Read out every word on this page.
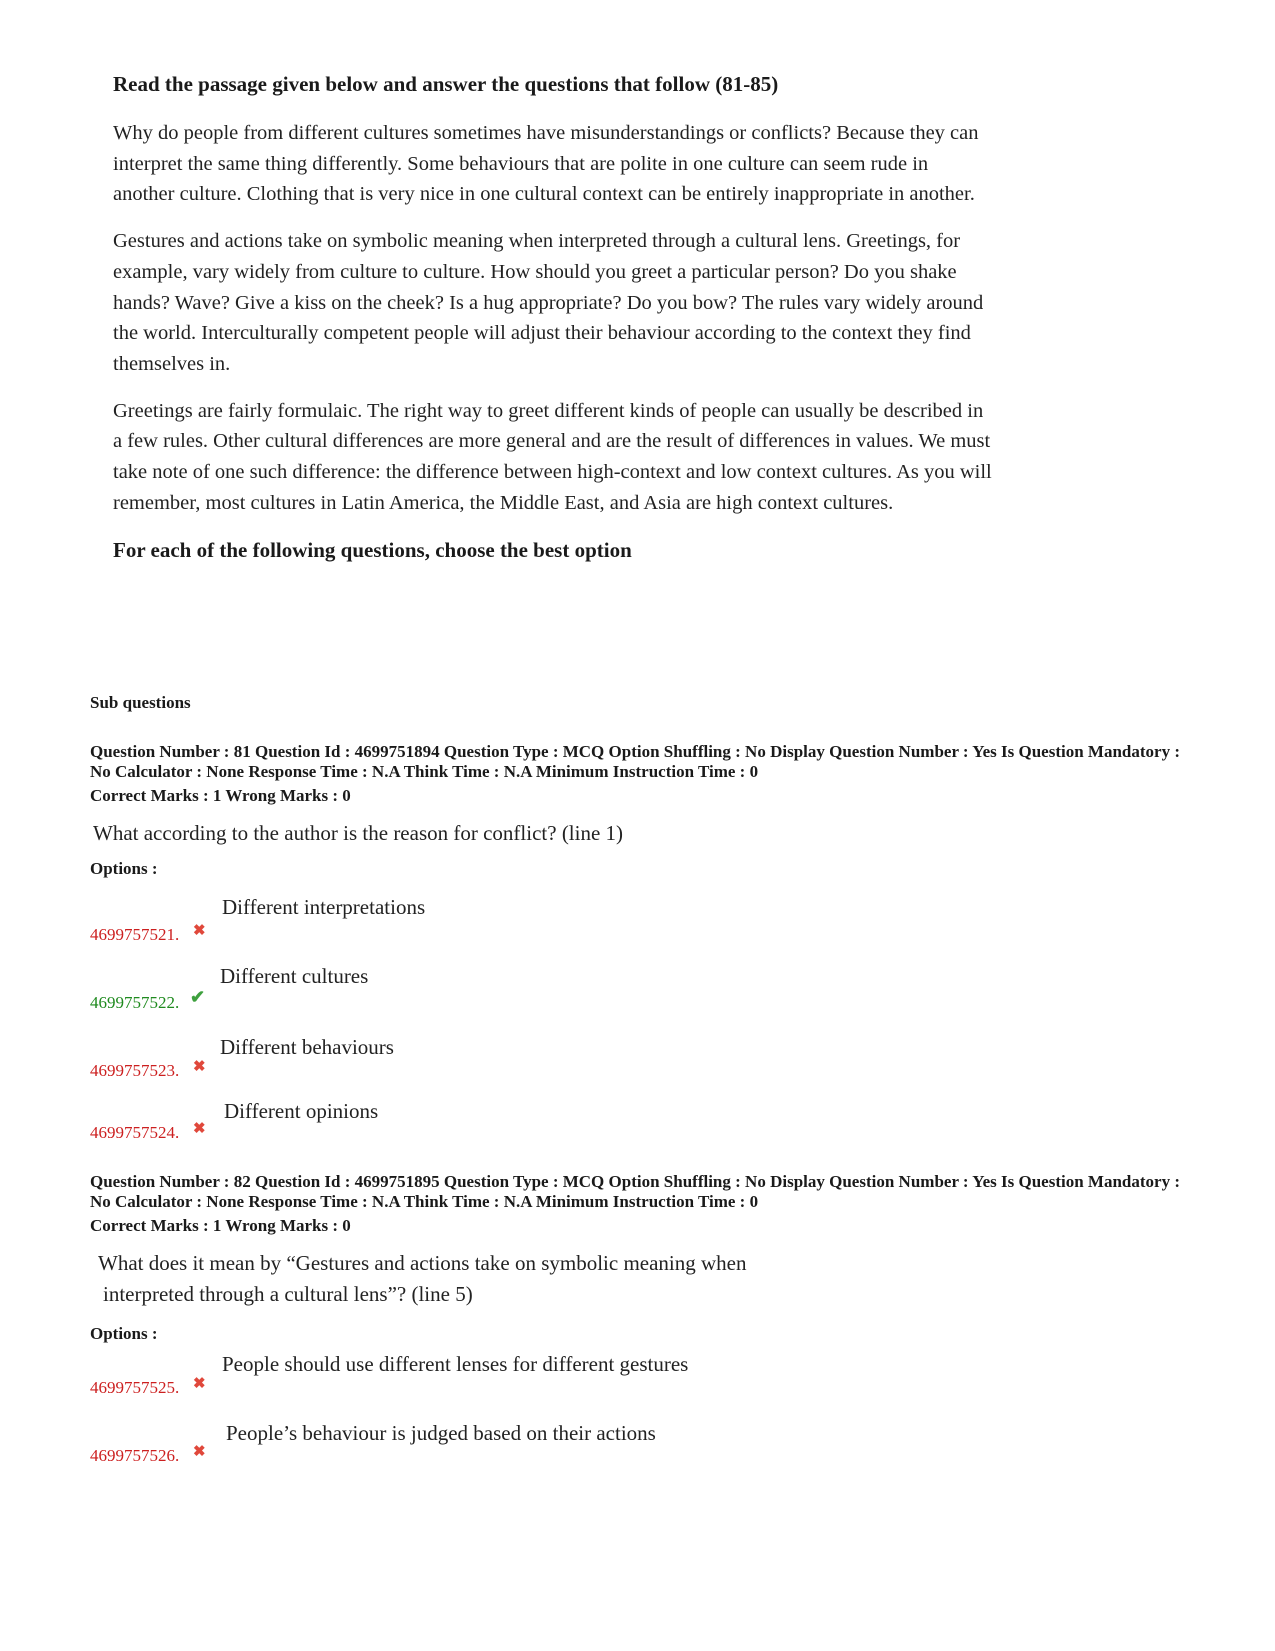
Read the passage given below and answer the questions that follow (81-85)

Why do people from different cultures sometimes have misunderstandings or conflicts? Because they can interpret the same thing differently. Some behaviours that are polite in one culture can seem rude in another culture. Clothing that is very nice in one cultural context can be entirely inappropriate in another.

Gestures and actions take on symbolic meaning when interpreted through a cultural lens. Greetings, for example, vary widely from culture to culture. How should you greet a particular person? Do you shake hands? Wave? Give a kiss on the cheek? Is a hug appropriate? Do you bow? The rules vary widely around the world. Interculturally competent people will adjust their behaviour according to the context they find themselves in.

Greetings are fairly formulaic. The right way to greet different kinds of people can usually be described in a few rules. Other cultural differences are more general and are the result of differences in values. We must take note of one such difference: the difference between high-context and low context cultures. As you will remember, most cultures in Latin America, the Middle East, and Asia are high context cultures.

For each of the following questions, choose the best option
Sub questions
Question Number : 81 Question Id : 4699751894 Question Type : MCQ Option Shuffling : No Display Question Number : Yes Is Question Mandatory : No Calculator : None Response Time : N.A Think Time : N.A Minimum Instruction Time : 0
Correct Marks : 1 Wrong Marks : 0
What according to the author is the reason for conflict? (line 1)
Options :
4699757521. ✖
Different interpretations
4699757522. ✔
Different cultures
4699757523. ✖
Different behaviours
4699757524. ✖
Different opinions
Question Number : 82 Question Id : 4699751895 Question Type : MCQ Option Shuffling : No Display Question Number : Yes Is Question Mandatory : No Calculator : None Response Time : N.A Think Time : N.A Minimum Instruction Time : 0
Correct Marks : 1 Wrong Marks : 0
What does it mean by “Gestures and actions take on symbolic meaning when
interpreted through a cultural lens”? (line 5)
Options :
4699757525. ✖
People should use different lenses for different gestures
4699757526. ✖
People’s behaviour is judged based on their actions
